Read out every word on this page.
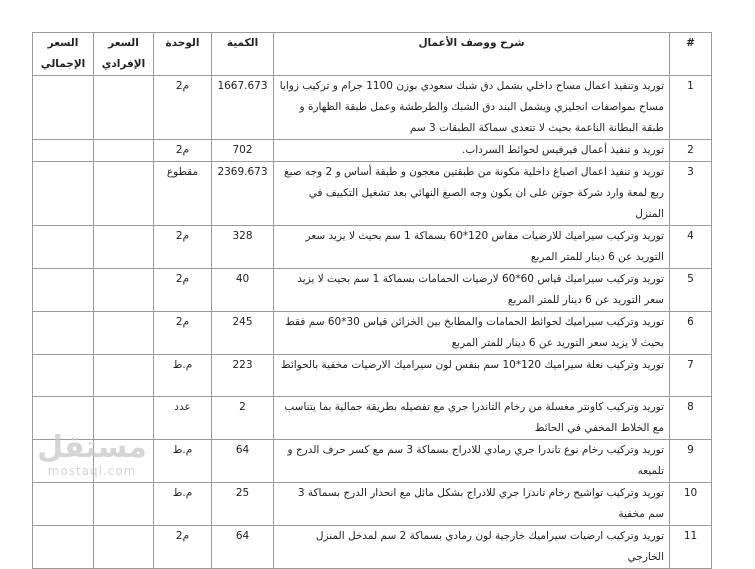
#	شرح ووصف الأعمال	الكمية	الوحدة	السعر الإفرادي	السعر الإجمالي
1	توريد وتنفيذ اعمال مساح داخلي بشمل دق شبك سعودي بوزن 1100 جرام و تركيب زوايا مساح بمواصفات انجليزي ويشمل البند دق الشبك والطرطشة وعمل طبقة الظهارة و طبقة البطانة الناعمة بحيث لا تتعدى سماكة الطبقات 3 سم	1667.673	م2		
2	توريد و تنفيذ أعمال فيرفيس لحوائط السرداب.	702	م2		
3	توريد و تنفيذ اعمال اصباغ داخلية مكونة من طبقتين معجون و طبقة أساس و 2 وجه صبغ ربع لمعة وارد شركة جوتن على ان يكون وجه الصبغ النهائي بعد تشغيل التكييف في المنزل	2369.673	مقطوع		
4	توريد وتركيب سيراميك للارضيات مقاس 120*60 بسماكة 1 سم بحيث لا يزيد سعر التوريد عن 6 دينار للمتر المربع	328	م2		
5	توريد وتركيب سيراميك قياس 60*60 لارضيات الحمامات بسماكة 1 سم بحيث لا يزيد سعر التوريد عن 6 دينار للمتر المربع	40	م2		
6	توريد وتركيب سيراميك لحوائط الحمامات والمطابخ بين الخزائن قياس 30*60 سم فقط بحيث لا يزيد سعر التوريد عن 6 دينار للمتر المربع	245	م2		
7	توريد وتركيب نعلة سيراميك 120*10 سم بنفس لون سيراميك الارضيات مخفية بالحوائط	223	م.ط		
8	توريد وتركيب كاونتر مغسلة من رخام التاندرا جري مع تفصيله بطريقة جمالية بما يتناسب مع الخلاط المخفي في الحائط	2	عدد		
9	توريد وتركيب رخام نوع تاندرا جري رمادي للادراج بسماكة 3 سم مع كسر حرف الدرج و تلميعه	64	م.ط		
10	توريد وتركيب تواشيح رخام تاندرا جري للادراج بشكل مائل مع انحدار الدرج بسماكة 3 سم مخفية	25	م.ط		
11	توريد وتركيب ارضيات سيراميك خارجية لون رمادي بسماكة 2 سم لمدخل المنزل الخارجي	64	م2		
مستقل
mostaql.com
